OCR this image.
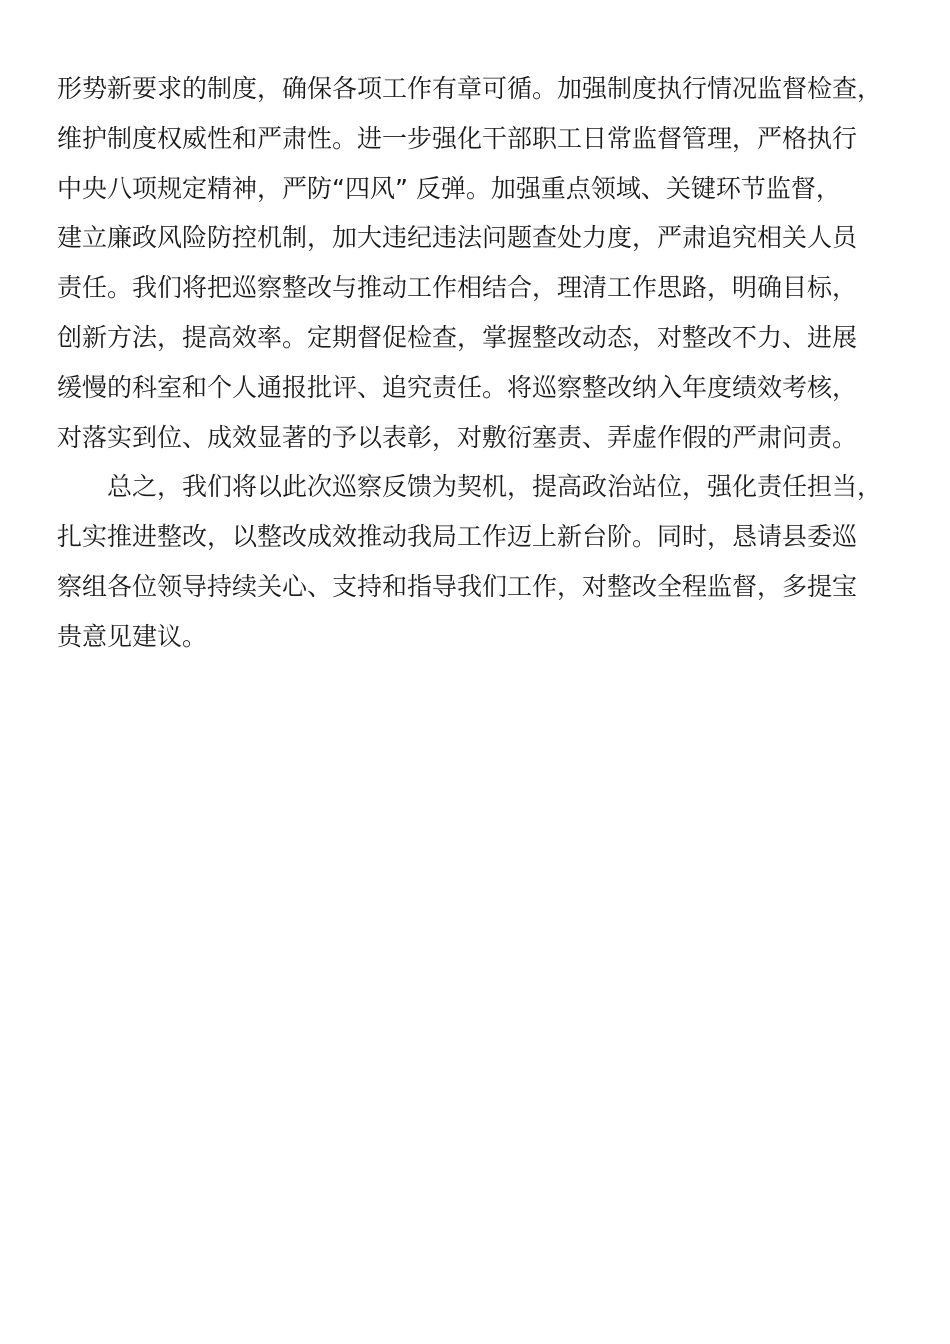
形势新要求的制度，确保各项工作有章可循。加强制度执行情况监督检查，
维护制度权威性和严肃性。进一步强化干部职工日常监督管理，严格执行
中央八项规定精神，严防“四风” 反弹。加强重点领域、关键环节监督，
建立廉政风险防控机制，加大违纪违法问题查处力度，严肃追究相关人员
责任。我们将把巡察整改与推动工作相结合，理清工作思路，明确目标，
创新方法，提高效率。定期督促检查，掌握整改动态，对整改不力、进展
缓慢的科室和个人通报批评、追究责任。将巡察整改纳入年度绩效考核，
对落实到位、成效显著的予以表彰，对敷衍塞责、弄虚作假的严肃问责。
总之，我们将以此次巡察反馈为契机，提高政治站位，强化责任担当，
扎实推进整改，以整改成效推动我局工作迈上新台阶。同时，恳请县委巡
察组各位领导持续关心、支持和指导我们工作，对整改全程监督，多提宝
贵意见建议。
